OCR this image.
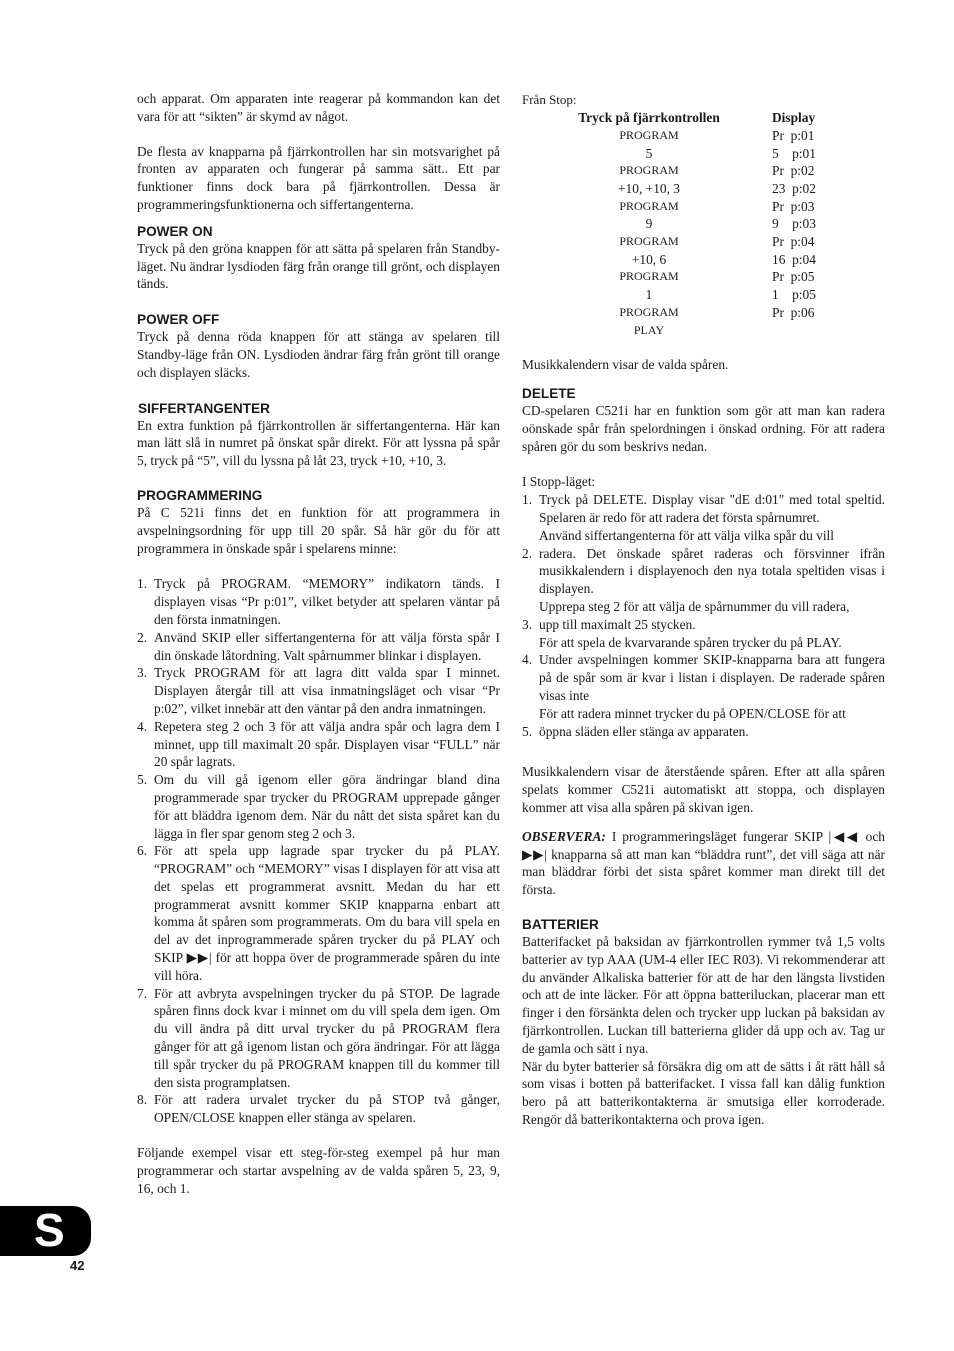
och apparat. Om apparaten inte reagerar på kommandon kan det vara för att “sikten” är skymd av något.

De flesta av knapparna på fjärrkontrollen har sin motsvarighet på fronten av apparaten och fungerar på samma sätt.. Ett par funktioner finns dock bara på fjärrkontrollen. Dessa är programmeringsfunktionerna och siffertangenterna.

POWER ON

Tryck på den gröna knappen för att sätta på spelaren från Standby-läget. Nu ändrar lysdioden färg från orange till grönt, och displayen tänds.

POWER OFF

Tryck på denna röda knappen för att stänga av spelaren till Standby-läge från ON. Lysdioden ändrar färg från grönt till orange och displayen släcks.

SIFFERTANGENTER

En extra funktion på fjärrkontrollen är siffertangenterna. Här kan man lätt slå in numret på önskat spår direkt. För att lyssna på spår 5, tryck på “5”, vill du lyssna på låt 23, tryck +10, +10, 3.

PROGRAMMERING

På C 521i finns det en funktion för att programmera in avspelningsordning för upp till 20 spår. Så här gör du för att programmera in önskade spår i spelarens minne:

1. Tryck på PROGRAM. “MEMORY” indikatorn tänds. I displayen visas “Pr p:01”, vilket betyder att spelaren väntar på den första inmatningen.
2. Använd SKIP eller siffertangenterna för att välja första spår I din önskade låtordning. Valt spårnummer blinkar i displayen.
3. Tryck PROGRAM för att lagra ditt valda spar I minnet. Displayen återgår till att visa inmatningsläget och visar “Pr p:02”, vilket innebär att den väntar på den andra inmatningen.
4. Repetera steg 2 och 3 för att välja andra spår och lagra dem I minnet, upp till maximalt 20 spår. Displayen visar “FULL” när 20 spår lagrats.
5. Om du vill gå igenom eller göra ändringar bland dina programmerade spar trycker du PROGRAM upprepade gånger för att bläddra igenom dem. När du nått det sista spåret kan du lägga in fler spar genom steg 2 och 3.
6. För att spela upp lagrade spar trycker du på PLAY. “PROGRAM” och “MEMORY” visas I displayen för att visa att det spelas ett programmerat avsnitt. Medan du har ett programmerat avsnitt kommer SKIP knapparna enbart att komma åt spåren som programmerats. Om du bara vill spela en del av det inprogrammerade spåren trycker du på PLAY och SKIP ▶▶| för att hoppa över de programmerade spåren du inte vill höra.
7. För att avbryta avspelningen trycker du på STOP. De lagrade spåren finns dock kvar i minnet om du vill spela dem igen. Om du vill ändra på ditt urval trycker du på PROGRAM flera gånger för att gå igenom listan och göra ändringar. För att lägga till spår trycker du på PROGRAM knappen till du kommer till den sista programplatsen.
8. För att radera urvalet trycker du på STOP två gånger, OPEN/CLOSE knappen eller stänga av spelaren.

Följande exempel visar ett steg-för-steg exempel på hur man programmerar och startar avspelning av de valda spåren 5, 23, 9, 16, och 1.

Från Stop:

Tryck på fjärrkontrollen	Display
PROGRAM	Pr  p:01
5	5    p:01
PROGRAM	Pr  p:02
+10, +10, 3	23  p:02
PROGRAM	Pr  p:03
9	9    p:03
PROGRAM	Pr  p:04
+10, 6	16  p:04
PROGRAM	Pr  p:05
1	1    p:05
PROGRAM	Pr  p:06
PLAY	

Musikkalendern visar de valda spåren.

DELETE

CD-spelaren C521i har en funktion som gör att man kan radera oönskade spår från spelordningen i önskad ordning. För att radera spåren gör du som beskrivs nedan.

I Stopp-läget:

1. Tryck på DELETE. Display visar "dE d:01" med total speltid. Spelaren är redo för att radera det första spårnumret.
Använd siffertangenterna för att välja vilka spår du vill
2. radera. Det önskade spåret raderas och försvinner ifrån musikkalendern i displayenoch den nya totala speltiden visas i displayen.
Upprepa steg 2 för att välja de spårnummer du vill radera,
3. upp till maximalt 25 stycken.
För att spela de kvarvarande spåren trycker du på PLAY.
4. Under avspelningen kommer SKIP-knapparna bara att fungera på de spår som är kvar i listan i displayen. De raderade spåren visas inte
För att radera minnet trycker du på OPEN/CLOSE för att
5. öppna släden eller stänga av apparaten.

Musikkalendern visar de återstående spåren. Efter att alla spåren spelats kommer C521i automatiskt att stoppa, och displayen kommer att visa alla spåren på skivan igen.

OBSERVERA: I programmeringsläget fungerar SKIP |◀◀ och ▶▶| knapparna så att man kan “bläddra runt”, det vill säga att när man bläddrar förbi det sista spåret kommer man direkt till det första.

BATTERIER

Batterifacket på baksidan av fjärrkontrollen rymmer två 1,5 volts batterier av typ AAA (UM-4 eller IEC R03). Vi rekommenderar att du använder Alkaliska batterier för att de har den längsta livstiden och att de inte läcker. För att öppna batteriluckan, placerar man ett finger i den försänkta delen och trycker upp luckan på baksidan av fjärrkontrollen. Luckan till batterierna glider då upp och av. Tag ur de gamla och sätt i nya.

När du byter batterier så försäkra dig om att de sätts i åt rätt håll så som visas i botten på batterifacket. I vissa fall kan dålig funktion bero på att batterikontakterna är smutsiga eller korroderade. Rengör då batterikontakterna och prova igen.

S
42
